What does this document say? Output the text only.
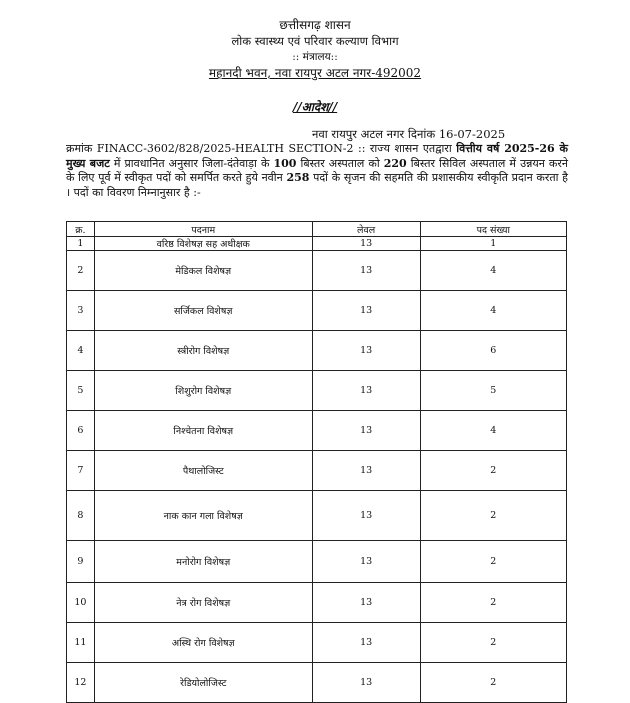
छत्तीसगढ़ शासन
लोक स्वास्थ्य एवं परिवार कल्याण विभाग
:: मंत्रालय::
महानदी भवन, नवा रायपुर अटल नगर-492002
//आदेश//
नवा रायपुर अटल नगर दिनांक 16-07-2025
क्रमांक FINACC-3602/828/2025-HEALTH SECTION-2 :: राज्य शासन एतद्वारा वित्तीय वर्ष 2025-26 के मुख्य बजट में प्रावधानित अनुसार जिला-दंतेवाड़ा के 100 बिस्तर अस्पताल को 220 बिस्तर सिविल अस्पताल में उन्नयन करने के लिए पूर्व में स्वीकृत पदों को समर्पित करते हुये नवीन 258 पदों के सृजन की सहमति की प्रशासकीय स्वीकृति प्रदान करता है । पदों का विवरण निम्नानुसार है :-
क्र.	पदनाम	लेवल	पद संख्या
1	वरिष्ठ विशेषज्ञ सह अधीक्षक	13	1
2	मेडिकल विशेषज्ञ	13	4
3	सर्जिकल विशेषज्ञ	13	4
4	स्त्रीरोग विशेषज्ञ	13	6
5	शिशुरोग विशेषज्ञ	13	5
6	निश्चेतना विशेषज्ञ	13	4
7	पैथालोजिस्ट	13	2
8	नाक कान गला विशेषज्ञ	13	2
9	मनोरोग विशेषज्ञ	13	2
10	नेत्र रोग विशेषज्ञ	13	2
11	अस्थि रोग विशेषज्ञ	13	2
12	रेडियोलोजिस्ट	13	2
